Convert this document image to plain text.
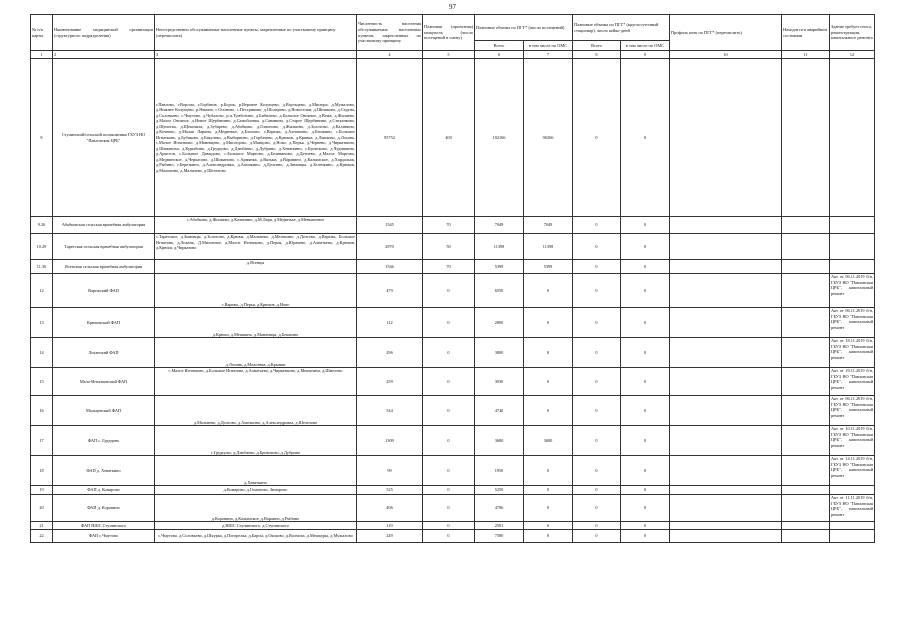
97
№ п/п карты	Наименование медицинской организации (структурного подразделения)	Непосредственно обслуживаемые населенные пункты, закрепленные по участковому принципу (перечислить)	Численность населения обслуживаемых населенных пунктов, закрепленных по участковому принципу	Плановая (проектная) мощность (число посещений в смену)	Плановые объемы по ПГГ* (число посещений)		Плановые объемы по ПГГ* (круглосуточный стационар), число койко-дней		Профиль коек по ПГГ* (перечислить)	Находится в аварийном состоянии	Здание требует сноса, реконструкции, капитального ремонта
					Всего	в том числе по ОМС	Всего	в том числе по ОМС			
1	2	3	4	5	6	7	8	9	10	11	12
8	Ступинский/сельский поликлиника ГБУЗ НО "Павловская ЦРБ"	г.Павлово, г.Ворсма, г.Горбатов, р.Борок, р.Верхнее Колущево, д.Ваульцево, д.Мисюра, д.Мужалово, д.Нижнее Колущево, р.Ячкино, с.Осиново, с.Пестриково, д.Шоларево, д.Новоселки, д.Шишково, д.Струна, д.Соловьево, с.Чмутово, д.Чубалово, р.п.Тумботино, д.Бибилево, д.Большое Овсяное, д.Вежа, д.Жиляево, д.Малое Овсяное, д.Новое Щербинино, д.Самойловка, д.Саванино, д.Старое Щербинино, д.Стиханково, д.Щепотка, д.Щекочиха, д.Зубарево, д.Абабково, д.Гомоново, д.Жилкино, д.Золотово, д.Калинино, д.Кочнево, д.Малая Ларина, д.Медвежье, д.Блохово, с.Варежь, д.Ахнатьево, д.Бешкино, с.Большое Игнатково, д.Бубаково, д.Бакулево, д.Выборново, д.Горбачево, д.Крюков, д.Кривка, д.Лыкково, д.Лохань, с.Малое Игнатково, д.Маневцево, д.Мясоедово, д.Манцово, д.Ново, д.Перья, д.Чернево, д.Чиркаткино, д.Шаманиха, д.Курыбино, д.Грудцово, д.Дзюбаево, д.Дубрино, д.Хеваткино, с.Бровсково, д.Чудинкино, д.Аристов, с.Большое Давыдово, с.Большое Мартово, д.Беливаново, д.Детнево, д.Малое Мартово, д.Медвинское, д.Черкасово, д.Шиманово, с.Армянка, д.Вязьма, д.Варавино, д.Калымское, д.Хардалыж, д.Рыбино, г.Березкино, д.Александровка, д.Амочкино, д.Долгино, д.Зимовцы, д.Зеленкино, д.Крюков, д.Малокино, д.Мальнево, д.Шелехово	95752	400	102166	90266	0	0			
9.26	Абабковская сельская врачебная амбулатория	с.Абабково, д.Жиляево, д.Калинино, д.М.Ларя, д.Медвежье, д.Меньшеевое	1545	70	7049	7049	0	0			
10.29	Тарееская сельская врачебная амбулатория	с.Тарееское, д.Зимовцы, д.Золотово, д.Крюки, д.Мальнево, д.Мелекино, д.Долгово, д.Варежь, Большое Игнатово, д.Лохань, Д.Миловное, д.Малое Игнатково, д.Перья, д.Юрачево, д.Ахнатьево, д.Крюков, д.Крюки, д.Чиркатово	2970	50	11398	11398	0	0			
11.30	Ясенская сельская врачебная амбулатория	д.Ясенцы	1546	70	5399	5399	0	0			
12	Варежский ФАП	с.Варежь, д.Перья, д.Крюков, д.Ново	479	0	6550	0	0	0			Акт от 06.11.2019 б/н, ГБУЗ НО "Павловская ЦРБ", капитальный ремонт
13	Крюковский ФАП	д.Крюки, д.Мешкино, д.Манаевцы, д.Бешкино	112	0	2800	0	0	0			Акт от 06.11.2019 б/н, ГБУЗ НО "Павловская ЦРБ", капитальный ремонт
14	Лоханский ФАП	д.Лохань, д.Малоевка, д.Крынки	296	0	3800	0	0	0			Акт от 18.11.2019 б/н, ГБУЗ НО "Павловская ЦРБ", капитальный ремонт
15	Мало-Игнатковский ФАП	с.Малое Игнатково, д.Большое Игнатово, д.Ахнатьево, д.Чиркаткино, д.Мешаниха, д.Шмелево	259	0	3930	0	0	0			Акт от 19.11.2019 б/н, ГБУЗ НО "Павловская ЦРБ", капитальный ремонт
16	Мальцевский ФАП	д.Мальнево, д.Долгово, д.Амочкино, д.Александровка, д.Шелехово	544	0	4740	0	0	0			Акт от 06.11.2019 б/н, ГБУЗ НО "Павловская ЦРБ", капитальный ремонт
17	ФАП с. Грудцово	с.Грудцово, д.Дзюбаево, д.Бровсково, д.Дубрино	1309	0	3680	3680	0	0			Акт от 10.11.2019 б/н, ГБУЗ НО "Павловская ЦРБ", капитальный ремонт
18	ФАП д. Хеваткино	д.Хеваткино	99	0	1950	0	0	0			Акт от 14.11.2019 б/н, ГБУЗ НО "Павловская ЦРБ", капитальный ремонт
19	ФАП д. Комарово	д.Комарово, д.Гомоново, Зимарово	525	0	5250	0	0	0			
20	ФАП д. Коровино	д.Коровино, д.Калымское, д.Вараино, д.Рыбино	406	0	4706	0	0	0			Акт от 11.11.2019 б/н, ГБУЗ НО "Павловская ЦРБ", капитальный ремонт
21	ФАП НШС Ступинского	д.НШС Ступинского, д.Ступинского	119	0	2581	0	0	0			
22	ФАП с.Чмутово	с.Чмутово, д.Соловьево, д.Шкурка, д.Погорелка, д.Барсы, д.Оксково, д.Волчиха, д.Мешкуры, д.Мужалово	249	0	7580	0	0	0			
